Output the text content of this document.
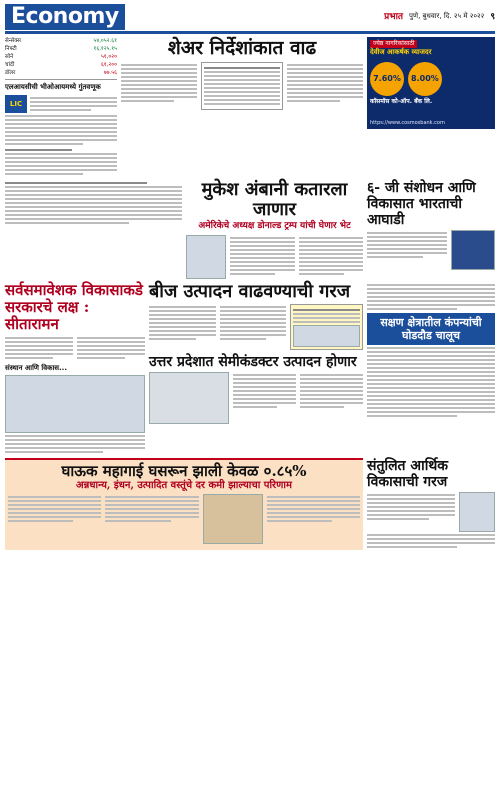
Economy	प्रभात पुणे, बुधवार, दि. २५ मे २०२२ ९
सेन्सेक्स	५४,०५२.६१
निफ्टी	१६,१२५.१५
सोने	५१,०२०
चांदी	६१,२००
डॉलर	७७.५६
एलआयसीची भीओआयमध्ये गुंतवणूक
LIC
शेअर निर्देशांकात वाढ	ज्येष्ठ नागरिकांसाठी
देवीज आकर्षक व्याजदर
7.60% 8.00%
कॉसमॉस को-ऑप. बँक लि.
https://www.cosmosbank.com
मुकेश अंबानी कतारला जाणार
अमेरिकेचे अध्यक्ष डोनाल्ड ट्रम्प यांची घेणार भेट
६- जी संशोधन आणि विकासात भारताची आघाडी
सर्वसमावेशक विकासाकडे सरकारचे लक्ष : सीतारामन
संस्थान आणि विकास...
बीज उत्पादन वाढवण्याची गरज
उत्तर प्रदेशात सेमीकंडक्टर उत्पादन होणार
सक्षण क्षेत्रातील कंपन्यांची घोडदौड चालूच
घाऊक महागाई घसरून झाली केवळ ०.८५%
अन्नधान्य, इंधन, उत्पादित वस्तूंचे दर कमी झाल्याचा परिणाम
संतुलित आर्थिक विकासाची गरज
